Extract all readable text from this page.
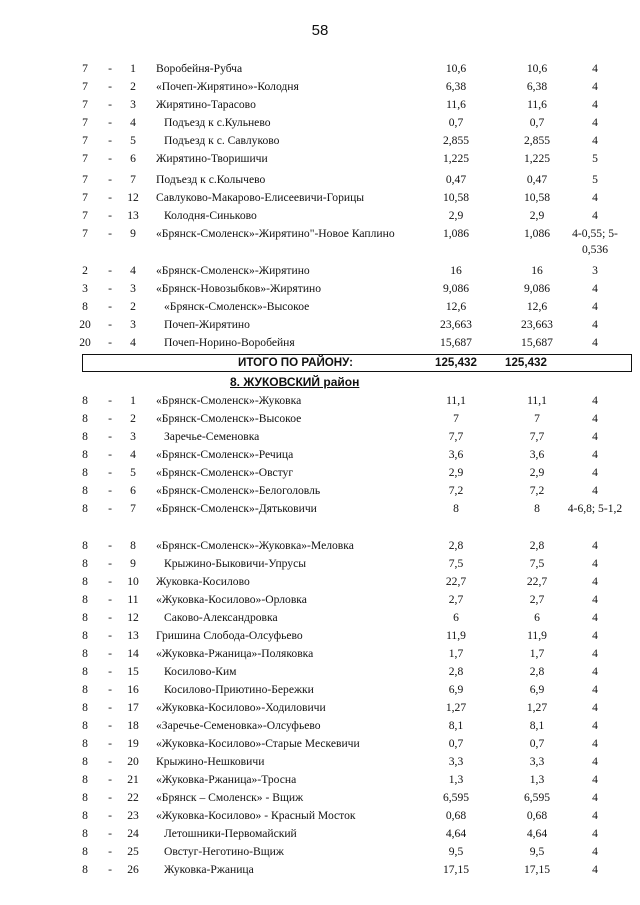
58
7	-	1	Воробейня-Рубча	10,6	10,6	4
7	-	2	«Почеп-Жирятино»-Колодня	6,38	6,38	4
7	-	3	Жирятино-Тарасово	11,6	11,6	4
7	-	4	Подъезд к с.Кульнево	0,7	0,7	4
7	-	5	Подъезд к с. Савлуково	2,855	2,855	4
7	-	6	Жирятино-Творишичи	1,225	1,225	5
7	-	7	Подъезд к с.Колычево	0,47	0,47	5
7	-	12	Савлуково-Макарово-Елисеевичи-Горицы	10,58	10,58	4
7	-	13	Колодня-Синьково	2,9	2,9	4
7	-	9	«Брянск-Смоленск»-Жирятино"-Новое Каплино	1,086	1,086	4-0,55; 5-0,536
2	-	4	«Брянск-Смоленск»-Жирятино	16	16	3
3	-	3	«Брянск-Новозыбков»-Жирятино	9,086	9,086	4
8	-	2	«Брянск-Смоленск»-Высокое	12,6	12,6	4
20	-	3	Почеп-Жирятино	23,663	23,663	4
20	-	4	Почеп-Норино-Воробейня	15,687	15,687	4
ИТОГО ПО РАЙОНУ:	125,432 125,432
8. ЖУКОВСКИЙ район
8	-	1	«Брянск-Смоленск»-Жуковка	11,1	11,1	4
8	-	2	«Брянск-Смоленск»-Высокое	7	7	4
8	-	3	Заречье-Семеновка	7,7	7,7	4
8	-	4	«Брянск-Смоленск»-Речица	3,6	3,6	4
8	-	5	«Брянск-Смоленск»-Овстуг	2,9	2,9	4
8	-	6	«Брянск-Смоленск»-Белоголовль	7,2	7,2	4
8	-	7	«Брянск-Смоленск»-Дятьковичи	8	8	4-6,8; 5-1,2
8	-	8	«Брянск-Смоленск»-Жуковка»-Меловка	2,8	2,8	4
8	-	9	Крыжино-Быковичи-Упрусы	7,5	7,5	4
8	-	10	Жуковка-Косилово	22,7	22,7	4
8	-	11	«Жуковка-Косилово»-Орловка	2,7	2,7	4
8	-	12	Саково-Александровка	6	6	4
8	-	13	Гришина Слобода-Олсуфьево	11,9	11,9	4
8	-	14	«Жуковка-Ржаница»-Поляковка	1,7	1,7	4
8	-	15	Косилово-Ким	2,8	2,8	4
8	-	16	Косилово-Приютино-Бережки	6,9	6,9	4
8	-	17	«Жуковка-Косилово»-Ходиловичи	1,27	1,27	4
8	-	18	«Заречье-Семеновка»-Олсуфьево	8,1	8,1	4
8	-	19	«Жуковка-Косилово»-Старые Мескевичи	0,7	0,7	4
8	-	20	Крыжино-Нешковичи	3,3	3,3	4
8	-	21	«Жуковка-Ржаница»-Тросна	1,3	1,3	4
8	-	22	«Брянск – Смоленск» - Вщиж	6,595	6,595	4
8	-	23	«Жуковка-Косилово» - Красный Мосток	0,68	0,68	4
8	-	24	Летошники-Первомайский	4,64	4,64	4
8	-	25	Овстуг-Неготино-Вщиж	9,5	9,5	4
8	-	26	Жуковка-Ржаница	17,15	17,15	4
